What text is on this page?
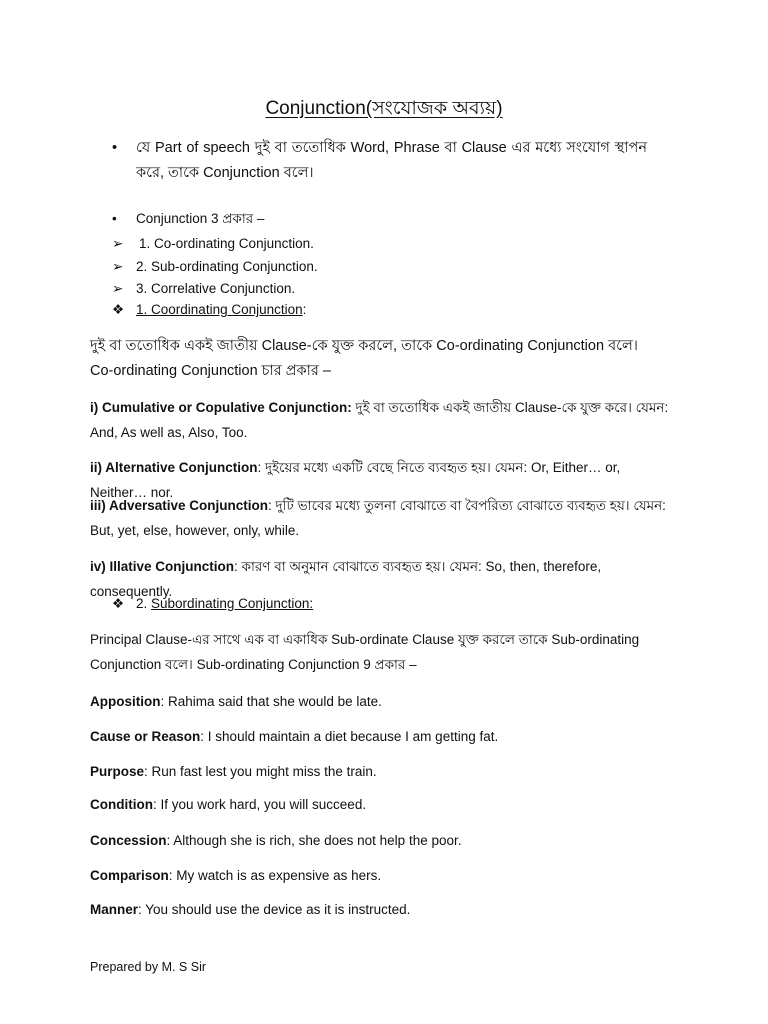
Conjunction(সংযোজক অব্যয়)
• যে Part of speech দুই বা ততোধিক Word, Phrase বা Clause এর মধ্যে সংযোগ স্থাপন করে, তাকে Conjunction বলে।
•	Conjunction 3 প্রকার –
➢	1. Co-ordinating Conjunction.
➢ 2. Sub-ordinating Conjunction.
➢ 3. Correlative Conjunction.
❖ 1. Coordinating Conjunction:
দুই বা ততোধিক একই জাতীয় Clause-কে যুক্ত করলে, তাকে Co-ordinating Conjunction বলে। Co-ordinating Conjunction চার প্রকার –
i) Cumulative or Copulative Conjunction: দুই বা ততোধিক একই জাতীয় Clause-কে যুক্ত করে। যেমন: And, As well as, Also, Too.
ii) Alternative Conjunction: দুইয়ের মধ্যে একটি বেছে নিতে ব্যবহৃত হয়। যেমন: Or, Either… or, Neither… nor.
iii) Adversative Conjunction: দুটি ভাবের মধ্যে তুলনা বোঝাতে বা বৈপরিত্য বোঝাতে ব্যবহৃত হয়। যেমন: But, yet, else, however, only, while.
iv) Illative Conjunction: কারণ বা অনুমান বোঝাতে ব্যবহৃত হয়। যেমন: So, then, therefore, consequently.
❖ 2. Subordinating Conjunction:
Principal Clause-এর সাথে এক বা একাধিক Sub-ordinate Clause যুক্ত করলে তাকে Sub-ordinating Conjunction বলে। Sub-ordinating Conjunction 9 প্রকার –
Apposition: Rahima said that she would be late.
Cause or Reason: I should maintain a diet because I am getting fat.
Purpose: Run fast lest you might miss the train.
Condition: If you work hard, you will succeed.
Concession: Although she is rich, she does not help the poor.
Comparison: My watch is as expensive as hers.
Manner: You should use the device as it is instructed.
Prepared by M. S Sir
